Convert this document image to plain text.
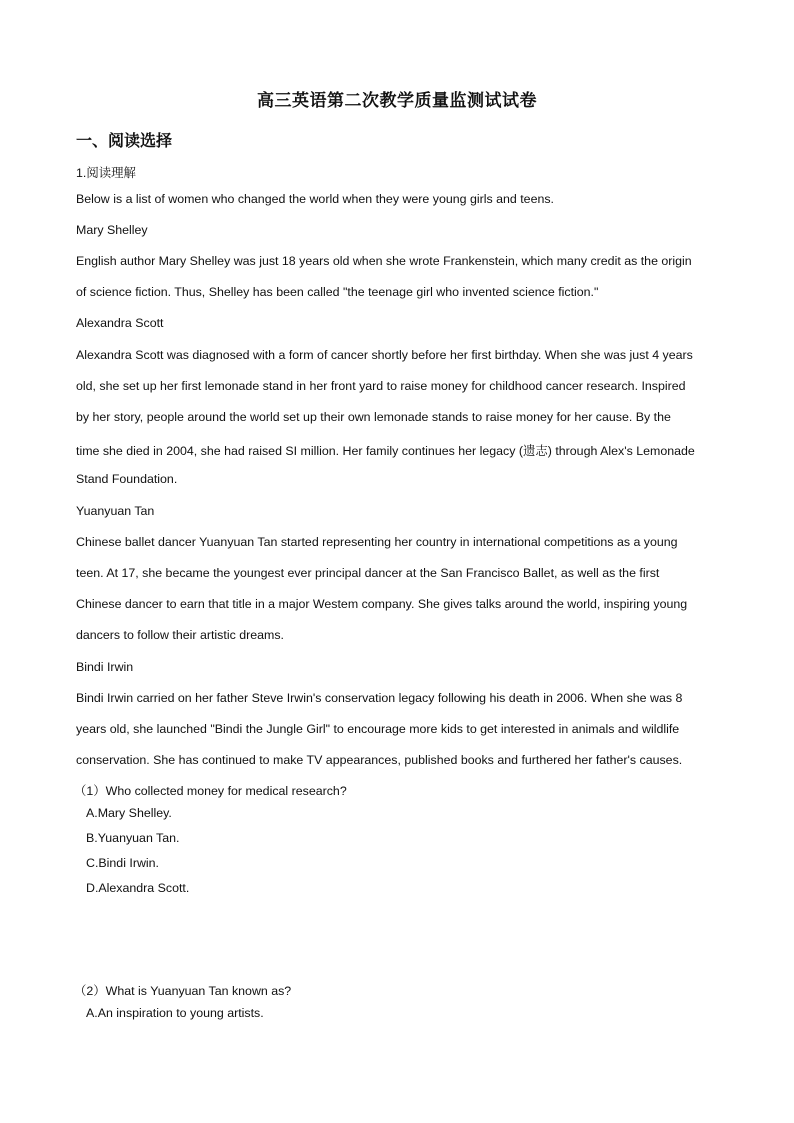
高三英语第二次教学质量监测试试卷
一、阅读选择
1.阅读理解
Below is a list of women who changed the world when they were young girls and teens.
Mary Shelley
English author Mary Shelley was just 18 years old when she wrote Frankenstein, which many credit as the origin
of science fiction. Thus, Shelley has been called "the teenage girl who invented science fiction."
Alexandra Scott
Alexandra Scott was diagnosed with a form of cancer shortly before her first birthday. When she was just 4 years
old, she set up her first lemonade stand in her front yard to raise money for childhood cancer research. Inspired
by her story, people around the world set up their own lemonade stands to raise money for her cause. By the
time she died in 2004, she had raised SI million. Her family continues her legacy (遗志) through Alex's Lemonade
Stand Foundation.
Yuanyuan Tan
Chinese ballet dancer Yuanyuan Tan started representing her country in international competitions as a young
teen. At 17, she became the youngest ever principal dancer at the San Francisco Ballet, as well as the first
Chinese dancer to earn that title in a major Westem company. She gives talks around the world, inspiring young
dancers to follow their artistic dreams.
Bindi Irwin
Bindi Irwin carried on her father Steve Irwin's conservation legacy following his death in 2006. When she was 8
years old, she launched "Bindi the Jungle Girl" to encourage more kids to get interested in animals and wildlife
conservation. She has continued to make TV appearances, published books and furthered her father's causes.
（1）Who collected money for medical research?
A.Mary Shelley.
B.Yuanyuan Tan.
C.Bindi Irwin.
D.Alexandra Scott.
（2）What is Yuanyuan Tan known as?
A.An inspiration to young artists.
